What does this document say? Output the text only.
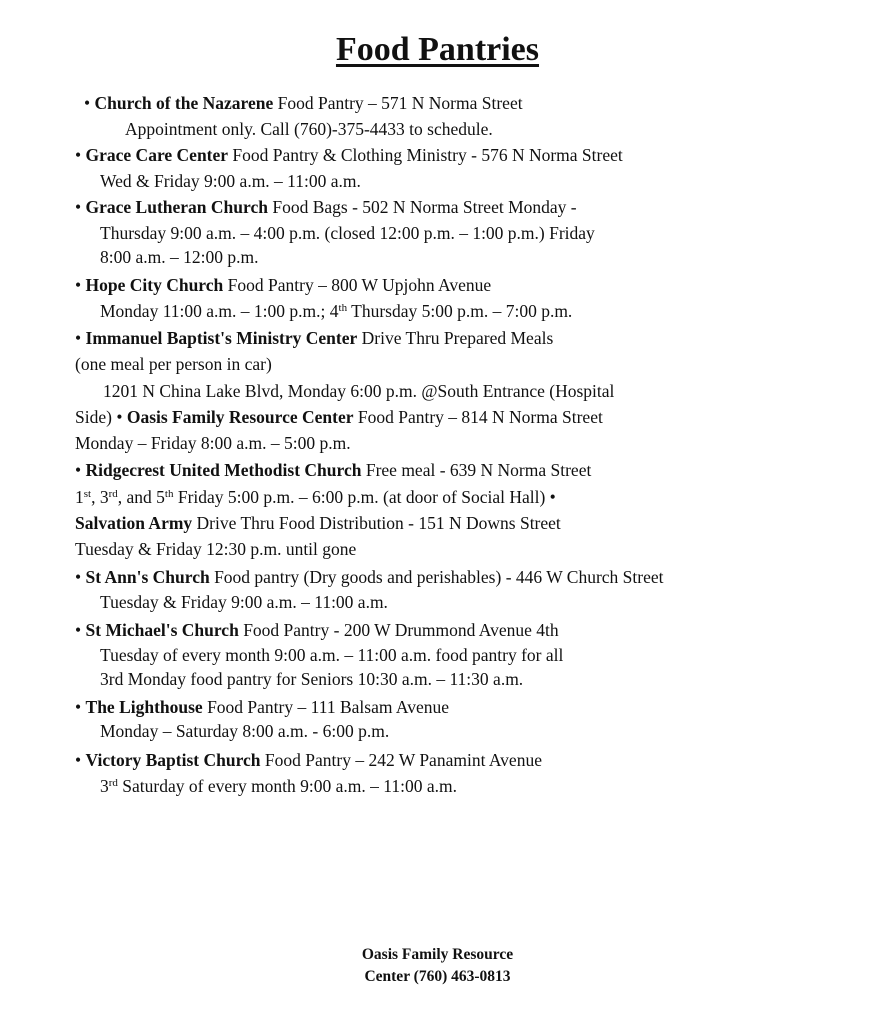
Food Pantries
• Church of the Nazarene Food Pantry – 571 N Norma Street
Appointment only. Call (760)-375-4433 to schedule.
• Grace Care Center Food Pantry & Clothing Ministry - 576 N Norma Street
Wed & Friday 9:00 a.m. – 11:00 a.m.
• Grace Lutheran Church Food Bags - 502 N Norma Street Monday -
Thursday 9:00 a.m. – 4:00 p.m. (closed 12:00 p.m. – 1:00 p.m.) Friday
8:00 a.m. – 12:00 p.m.
• Hope City Church Food Pantry – 800 W Upjohn Avenue
Monday 11:00 a.m. – 1:00 p.m.; 4th Thursday 5:00 p.m. – 7:00 p.m.
• Immanuel Baptist's Ministry Center Drive Thru Prepared Meals
(one meal per person in car)
1201 N China Lake Blvd, Monday 6:00 p.m. @South Entrance (Hospital
Side) • Oasis Family Resource Center Food Pantry – 814 N Norma Street
Monday – Friday 8:00 a.m. – 5:00 p.m.
• Ridgecrest United Methodist Church Free meal - 639 N Norma Street
1st, 3rd, and 5th Friday 5:00 p.m. – 6:00 p.m. (at door of Social Hall) •
Salvation Army Drive Thru Food Distribution - 151 N Downs Street
Tuesday & Friday 12:30 p.m. until gone
• St Ann's Church Food pantry (Dry goods and perishables) - 446 W Church Street
Tuesday & Friday 9:00 a.m. – 11:00 a.m.
• St Michael's Church Food Pantry - 200 W Drummond Avenue 4th
Tuesday of every month 9:00 a.m. – 11:00 a.m. food pantry for all
3rd Monday food pantry for Seniors 10:30 a.m. – 11:30 a.m.
• The Lighthouse Food Pantry – 111 Balsam Avenue
Monday – Saturday 8:00 a.m. - 6:00 p.m.
• Victory Baptist Church Food Pantry – 242 W Panamint Avenue
3rd Saturday of every month 9:00 a.m. – 11:00 a.m.
Oasis Family Resource
Center (760) 463-0813
